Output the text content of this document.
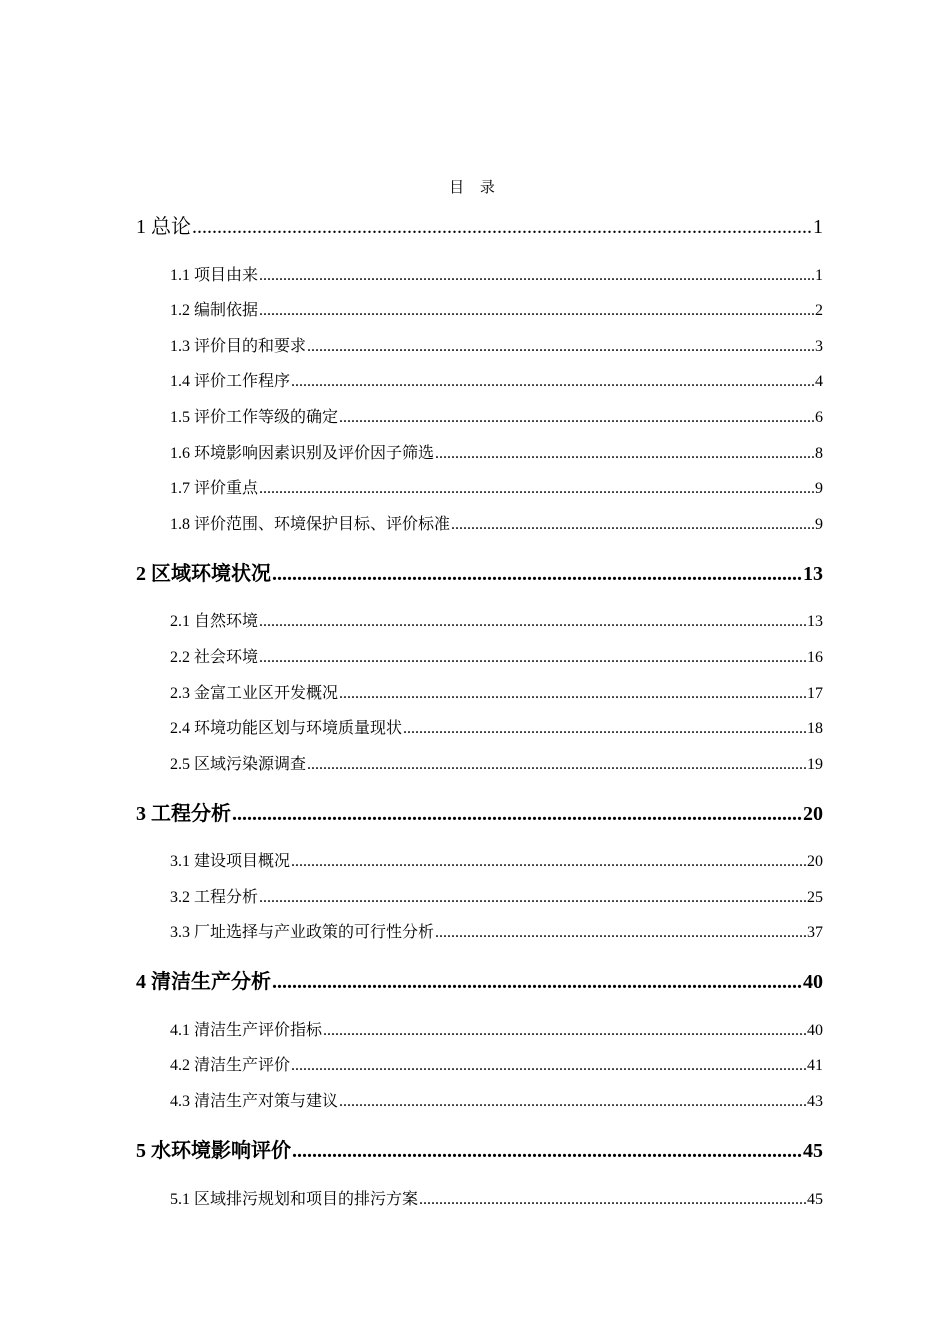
目 录
1 总论 .....	1
1.1 项目由来 .....	1
1.2 编制依据 .....	2
1.3 评价目的和要求 .....	3
1.4 评价工作程序 .....	4
1.5 评价工作等级的确定 .....	6
1.6 环境影响因素识别及评价因子筛选 .....	8
1.7 评价重点 .....	9
1.8 评价范围、环境保护目标、评价标准 .....	9
2 区域环境状况 .....	13
2.1 自然环境 .....	13
2.2 社会环境 .....	16
2.3 金富工业区开发概况 .....	17
2.4 环境功能区划与环境质量现状 .....	18
2.5 区域污染源调查 .....	19
3 工程分析 .....	20
3.1 建设项目概况 .....	20
3.2 工程分析 .....	25
3.3 厂址选择与产业政策的可行性分析 .....	37
4 清洁生产分析 .....	40
4.1 清洁生产评价指标 .....	40
4.2 清洁生产评价 .....	41
4.3 清洁生产对策与建议 .....	43
5 水环境影响评价 .....	45
5.1 区域排污规划和项目的排污方案 .....	45
